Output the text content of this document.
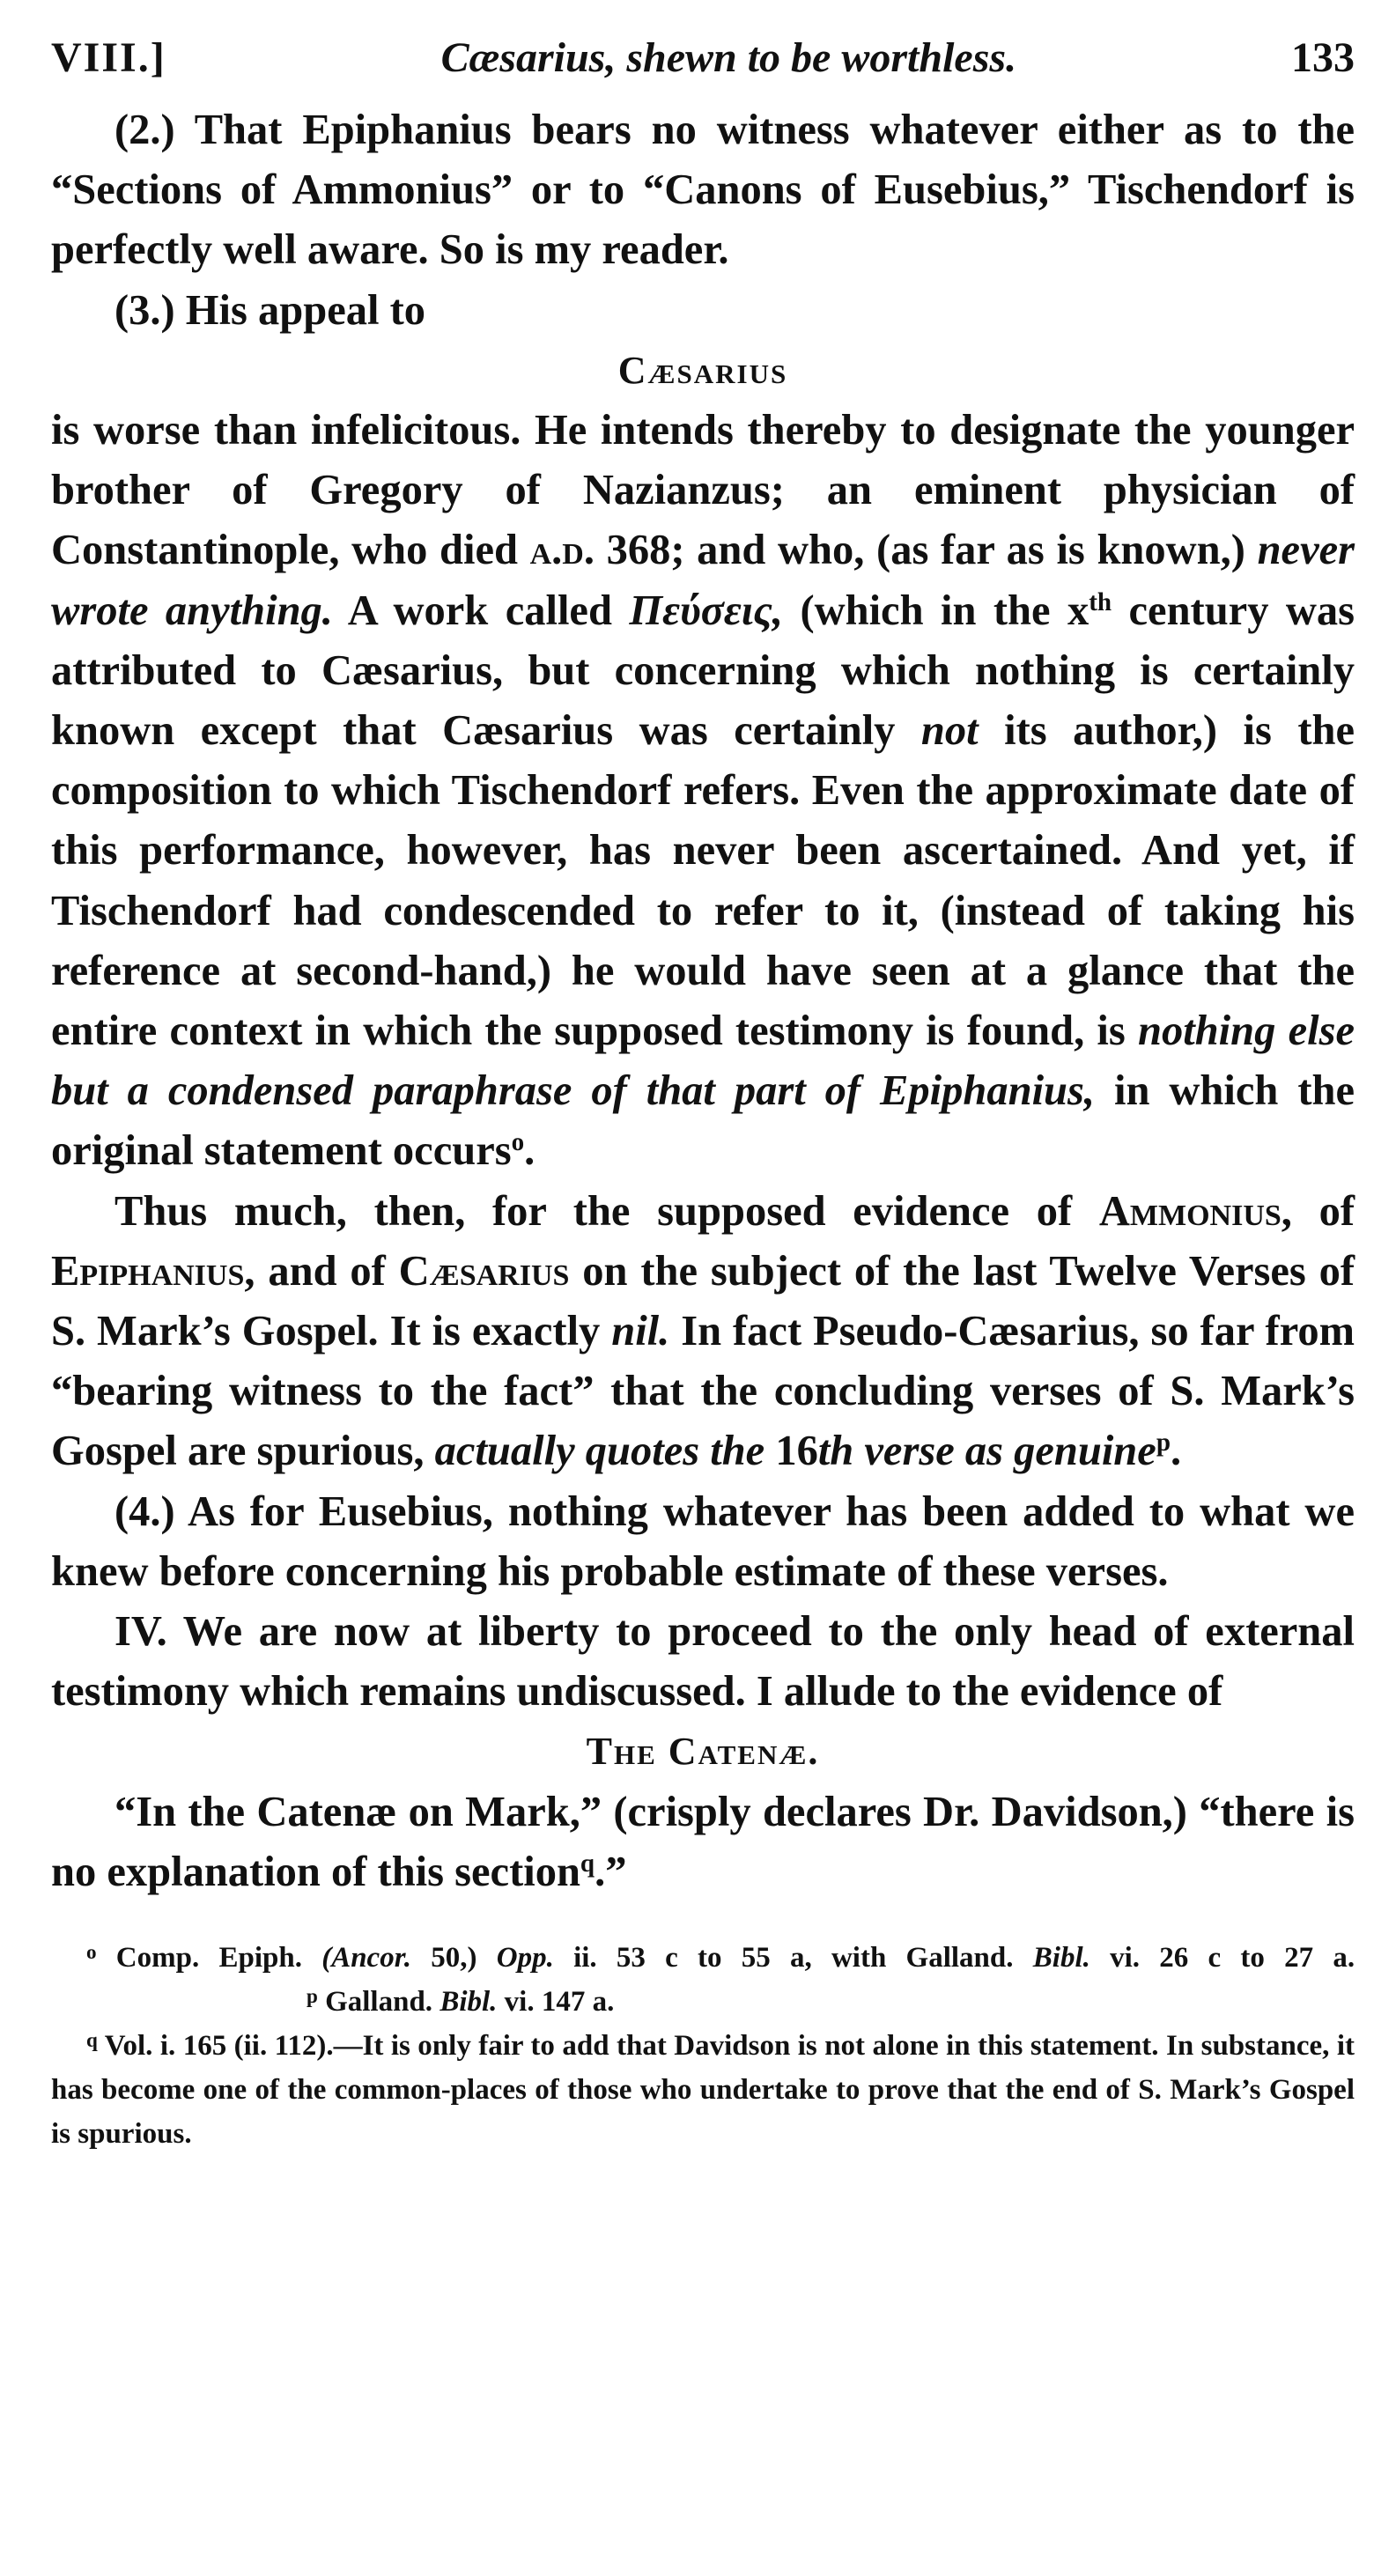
VIII.]	Cæsarius, shewn to be worthless.	133

(2.) That Epiphanius bears no witness whatever either as to the “Sections of Ammonius” or to “Canons of Eusebius,” Tischendorf is perfectly well aware. So is my reader.

(3.) His appeal to

Cæsarius

is worse than infelicitous. He intends thereby to designate the younger brother of Gregory of Nazianzus; an eminent physician of Constantinople, who died a.d. 368; and who, (as far as is known,) never wrote anything. A work called Πεύσεις, (which in the $x^{th}$ century was attributed to Cæsarius, but concerning which nothing is certainly known except that Cæsarius was certainly not its author,) is the composition to which Tischendorf refers. Even the approximate date of this performance, however, has never been ascertained. And yet, if Tischendorf had condescended to refer to it, (instead of taking his reference at second-hand,) he would have seen at a glance that the entire context in which the supposed testimony is found, is nothing else but a condensed paraphrase of that part of Epiphanius, in which the original statement occurs$^o$.

Thus much, then, for the supposed evidence of Ammonius, of Epiphanius, and of Cæsarius on the subject of the last Twelve Verses of S. Mark’s Gospel. It is exactly nil. In fact Pseudo-Cæsarius, so far from “bearing witness to the fact” that the concluding verses of S. Mark’s Gospel are spurious, actually quotes the 16th verse as genuine$^p$.

(4.) As for Eusebius, nothing whatever has been added to what we knew before concerning his probable estimate of these verses.

IV. We are now at liberty to proceed to the only head of external testimony which remains undiscussed. I allude to the evidence of

The Catenæ.

“In the Catenæ on Mark,” (crisply declares Dr. Davidson,) “there is no explanation of this section$^q$.”

$^o$ Comp. Epiph. (Ancor. 50,) Opp. ii. 53 c to 55 a, with Galland. Bibl. vi. 26 c to 27 a.$^p$ Galland. Bibl. vi. 147 a.

$^q$ Vol. i. 165 (ii. 112).—It is only fair to add that Davidson is not alone in this statement. In substance, it has become one of the common-places of those who undertake to prove that the end of S. Mark’s Gospel is spurious.
